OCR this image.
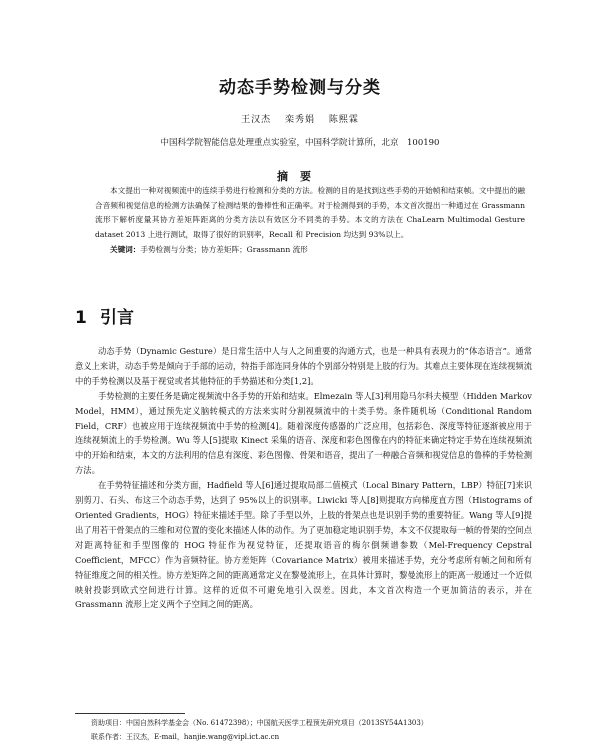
动态手势检测与分类
王汉杰　 栾秀娟　 陈熙霖
中国科学院智能信息处理重点实验室，中国科学院计算所，北京　100190
摘要

本文提出一种对视频流中的连续手势进行检测和分类的方法。检测的目的是找到这些手势的开始帧和结束帧。文中提出的融合音频和视觉信息的检测方法确保了检测结果的鲁棒性和正确率。对于检测得到的手势，本文首次提出一种通过在 Grassmann 流形下解析度量其协方差矩阵距离的分类方法以有效区分不同类的手势。本文的方法在 ChaLearn Multimodal Gesture dataset 2013 上进行测试，取得了很好的识别率，Recall 和 Precision 均达到 93%以上。

关键词：手势检测与分类；协方差矩阵；Grassmann 流形

1 引言

动态手势（Dynamic Gesture）是日常生活中人与人之间重要的沟通方式，也是一种具有表现力的“体态语言”。通常意义上来讲，动态手势是倾向于手部的运动，特指手部连同身体的个别部分特别是上肢的行为。其难点主要体现在连续视频流中的手势检测以及基于视觉或者其他特征的手势描述和分类[1,2]。

手势检测的主要任务是确定视频流中各手势的开始和结束。Elmezain 等人[3]利用隐马尔科夫模型（Hidden Markov Model，HMM），通过预先定义脑转模式的方法来实时分割视频流中的十类手势。条件随机场（Conditional Random Field，CRF）也被应用于连续视频流中手势的检测[4]。随着深度传感器的广泛应用，包括彩色、深度等特征逐渐被应用于连续视频流上的手势检测。Wu 等人[5]提取 Kinect 采集的语音、深度和彩色图像在内的特征来确定特定手势在连续视频流中的开始和结束，本文的方法利用的信息有深度、彩色图像、骨架和语音，提出了一种融合音频和视觉信息的鲁棒的手势检测方法。

在手势特征描述和分类方面，Hadfield 等人[6]通过提取局部二值模式（Local Binary Pattern，LBP）特征[7]来识别剪刀、石头、布这三个动态手势，达到了 95%以上的识别率。Liwicki 等人[8]则提取方向梯度直方图（Histograms of Oriented Gradients，HOG）特征来描述手型。除了手型以外，上肢的骨架点也是识别手势的重要特征。Wang 等人[9]提出了用若干骨架点的三维和对位置的变化来描述人体的动作。为了更加稳定地识别手势，本文不仅提取每一帧的骨架的空间点对距离特征和手型图像的 HOG 特征作为视觉特征，还提取语音的梅尔倒频谱参数（Mel-Frequency Cepstral Coefficient，MFCC）作为音频特征。协方差矩阵（Covariance Matrix）被用来描述手势，充分考虑所有帧之间和所有特征维度之间的相关性。协方差矩阵之间的距离通常定义在黎曼流形上，在具体计算时，黎曼流形上的距离一般通过一个近似映射投影到欧式空间进行计算。这样的近似不可避免地引入误差。因此，本文首次构造一个更加简洁的表示，并在 Grassmann 流形上定义两个子空间之间的距离。

资助项目：中国自然科学基金会（No. 61472398）；中国航天医学工程预先研究项目（2013SY54A1303）
联系作者：王汉杰，E-mail，hanjie.wang@vipl.ict.ac.cn
